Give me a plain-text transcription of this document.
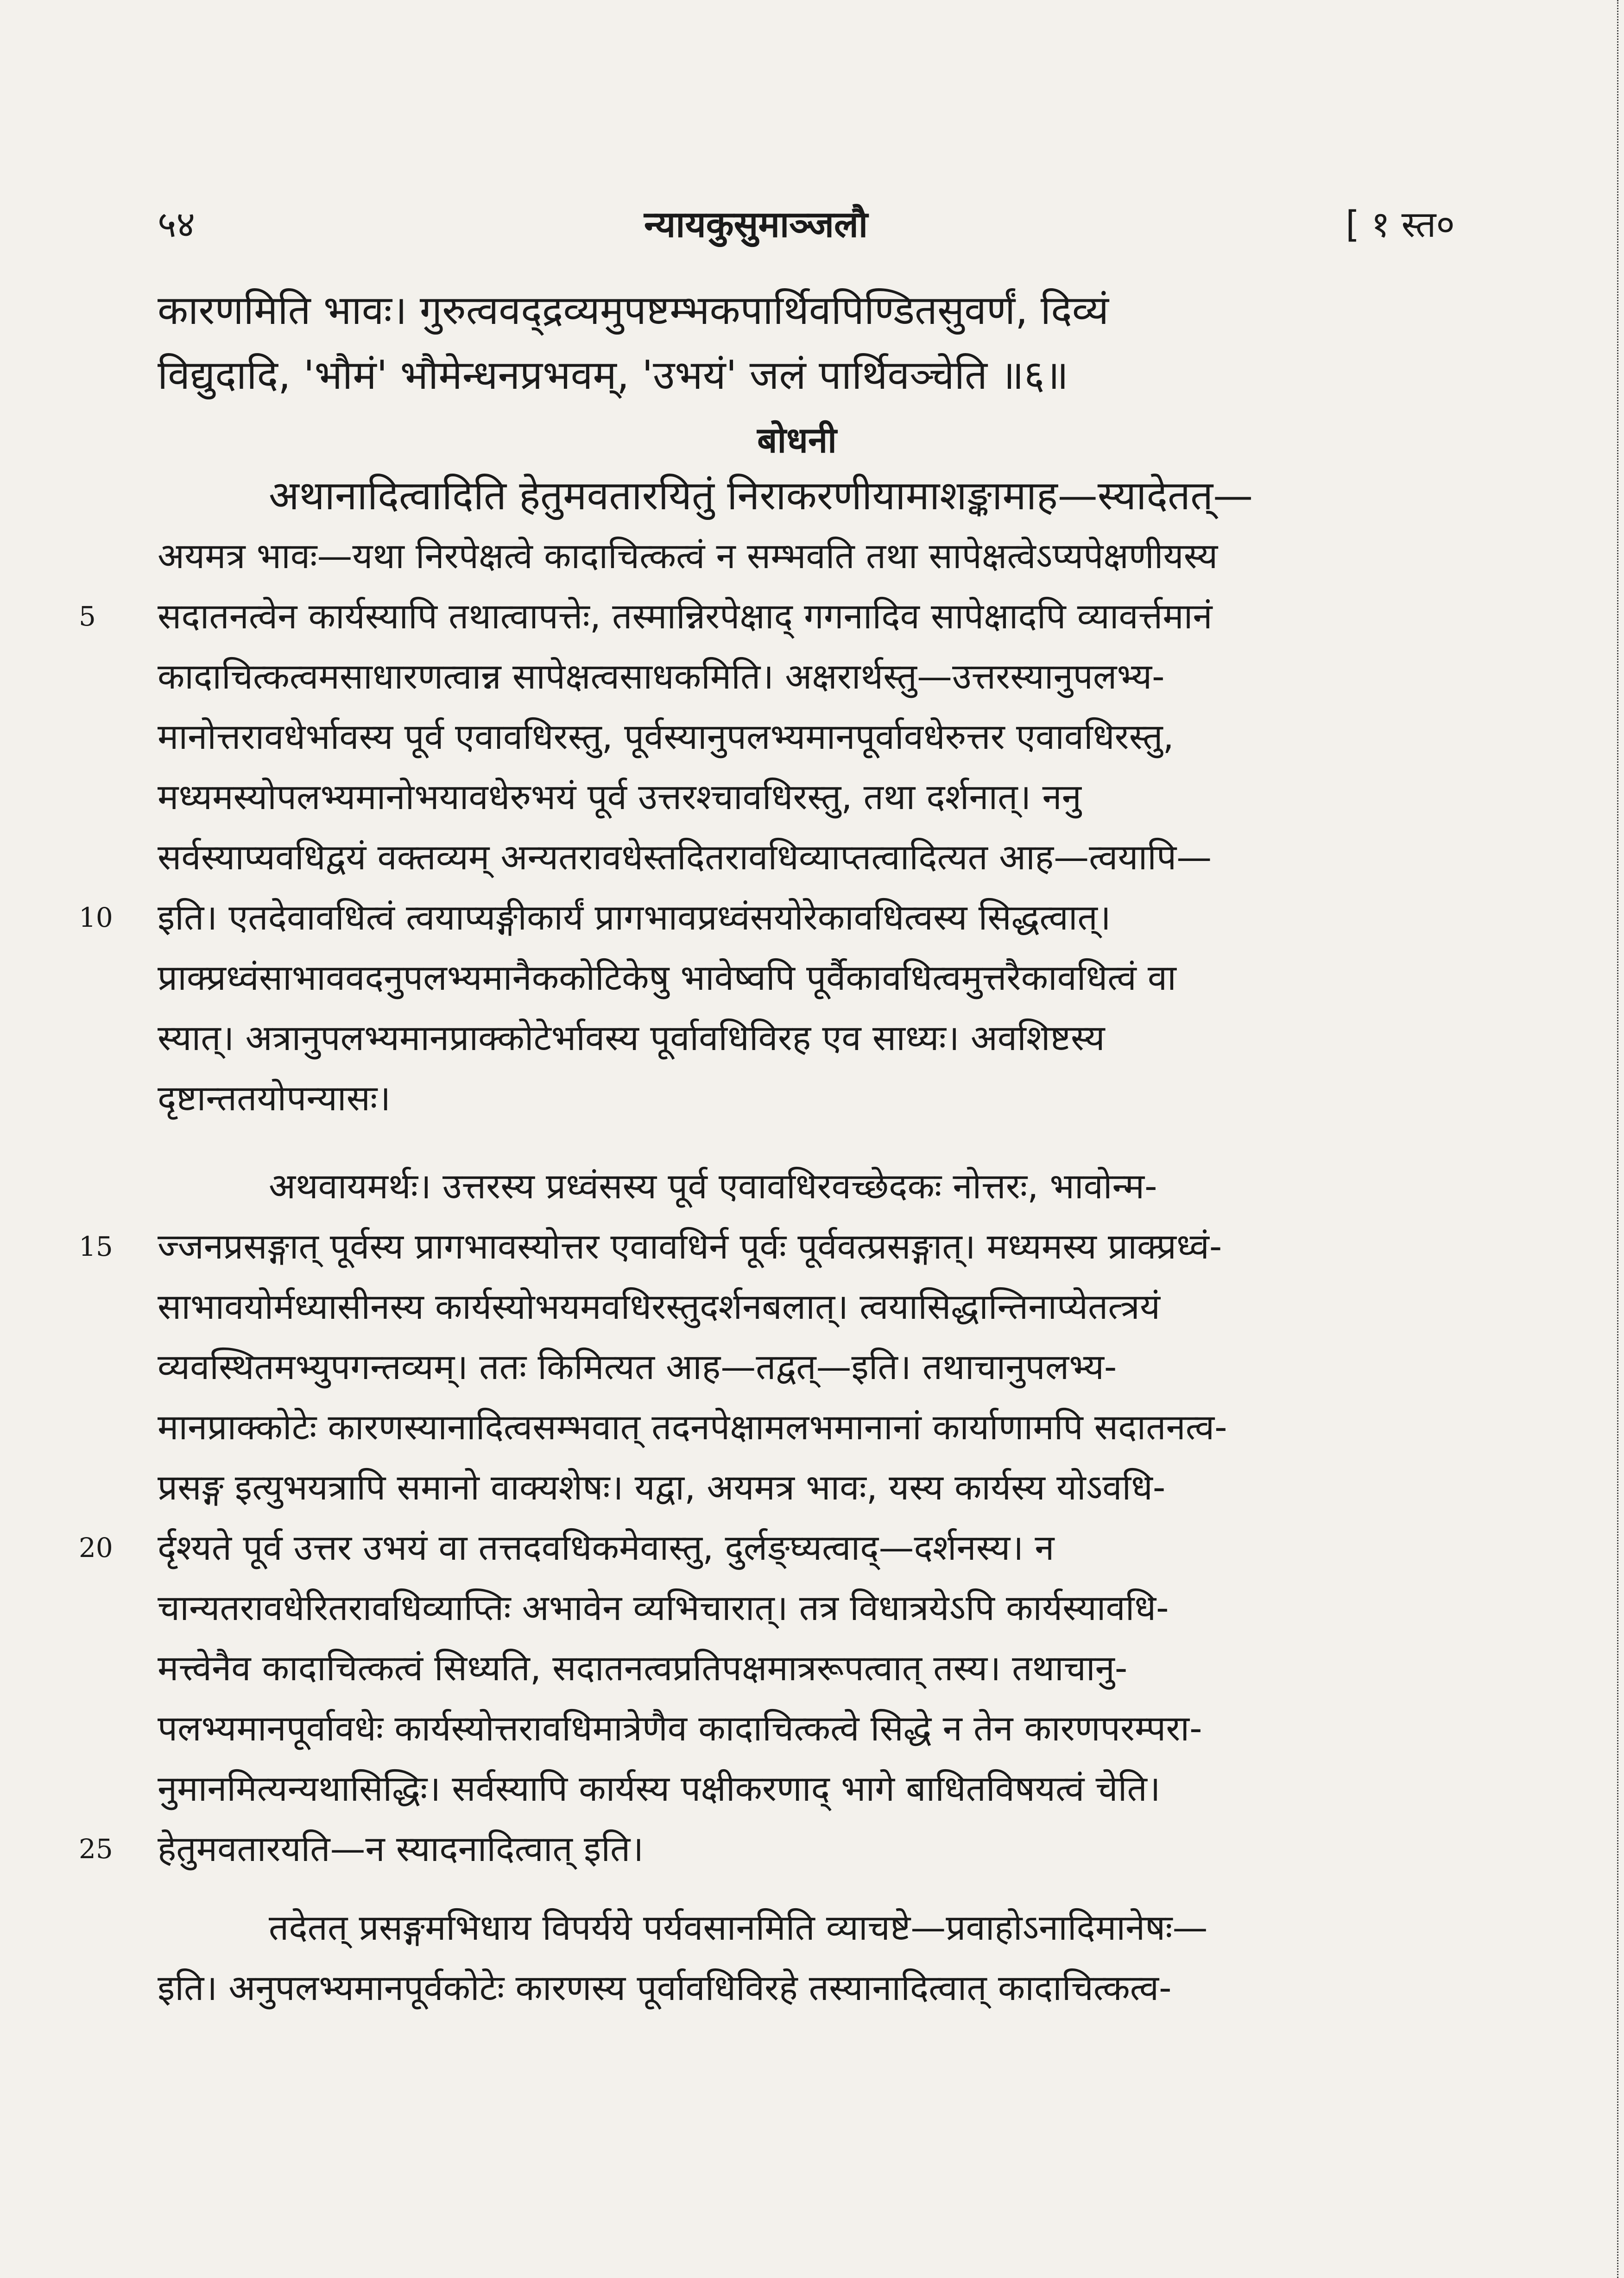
५४	न्यायकुसुमाञ्जलौ	[ १ स्त०
कारणमिति भावः। गुरुत्ववद्द्रव्यमुपष्टम्भकपार्थिवपिण्डितसुवर्णं, दिव्यं
विद्युदादि, 'भौमं' भौमेन्धनप्रभवम्, 'उभयं' जलं पार्थिवञ्चेति ॥६॥
बोधनी
अथानादित्वादिति हेतुमवतारयितुं निराकरणीयामाशङ्कामाह—स्यादेतत्—
अयमत्र भावः—यथा निरपेक्षत्वे कादाचित्कत्वं न सम्भवति तथा सापेक्षत्वेऽप्यपेक्षणीयस्य
5	सदातनत्वेन कार्यस्यापि तथात्वापत्तेः, तस्मान्निरपेक्षाद् गगनादिव सापेक्षादपि व्यावर्त्तमानं
कादाचित्कत्वमसाधारणत्वान्न सापेक्षत्वसाधकमिति। अक्षरार्थस्तु—उत्तरस्यानुपलभ्य-
मानोत्तरावधेर्भावस्य पूर्व एवावधिरस्तु, पूर्वस्यानुपलभ्यमानपूर्वावधेरुत्तर एवावधिरस्तु,
मध्यमस्योपलभ्यमानोभयावधेरुभयं पूर्व उत्तरश्चावधिरस्तु, तथा दर्शनात्। ननु
सर्वस्याप्यवधिद्वयं वक्तव्यम् अन्यतरावधेस्तदितरावधिव्याप्तत्वादित्यत आह—त्वयापि—
10	इति। एतदेवावधित्वं त्वयाप्यङ्गीकार्यं प्रागभावप्रध्वंसयोरेकावधित्वस्य सिद्धत्वात्।
प्राक्प्रध्वंसाभाववदनुपलभ्यमानैककोटिकेषु भावेष्वपि पूर्वैकावधित्वमुत्तरैकावधित्वं वा
स्यात्। अत्रानुपलभ्यमानप्राक्कोटेर्भावस्य पूर्वावधिविरह एव साध्यः। अवशिष्टस्य
दृष्टान्ततयोपन्यासः।
अथवायमर्थः। उत्तरस्य प्रध्वंसस्य पूर्व एवावधिरवच्छेदकः नोत्तरः, भावोन्म-
15	ज्जनप्रसङ्गात् पूर्वस्य प्रागभावस्योत्तर एवावधिर्न पूर्वः पूर्ववत्प्रसङ्गात्। मध्यमस्य प्राक्प्रध्वं-
साभावयोर्मध्यासीनस्य कार्यस्योभयमवधिरस्तुदर्शनबलात्। त्वयासिद्धान्तिनाप्येतत्त्रयं
व्यवस्थितमभ्युपगन्तव्यम्। ततः किमित्यत आह—तद्वत्—इति। तथाचानुपलभ्य-
मानप्राक्कोटेः कारणस्यानादित्वसम्भवात् तदनपेक्षामलभमानानां कार्याणामपि सदातनत्व-
प्रसङ्ग इत्युभयत्रापि समानो वाक्यशेषः। यद्वा, अयमत्र भावः, यस्य कार्यस्य योऽवधि-
20	र्दृश्यते पूर्व उत्तर उभयं वा तत्तदवधिकमेवास्तु, दुर्लङ्घ्यत्वाद्—दर्शनस्य। न
चान्यतरावधेरितरावधिव्याप्तिः अभावेन व्यभिचारात्। तत्र विधात्रयेऽपि कार्यस्यावधि-
मत्त्वेनैव कादाचित्कत्वं सिध्यति, सदातनत्वप्रतिपक्षमात्ररूपत्वात् तस्य। तथाचानु-
पलभ्यमानपूर्वावधेः कार्यस्योत्तरावधिमात्रेणैव कादाचित्कत्वे सिद्धे न तेन कारणपरम्परा-
नुमानमित्यन्यथासिद्धिः। सर्वस्यापि कार्यस्य पक्षीकरणाद् भागे बाधितविषयत्वं चेति।
25	हेतुमवतारयति—न स्यादनादित्वात् इति।
तदेतत् प्रसङ्गमभिधाय विपर्यये पर्यवसानमिति व्याचष्टे—प्रवाहोऽनादिमानेषः—
इति। अनुपलभ्यमानपूर्वकोटेः कारणस्य पूर्वावधिविरहे तस्यानादित्वात् कादाचित्कत्व-
